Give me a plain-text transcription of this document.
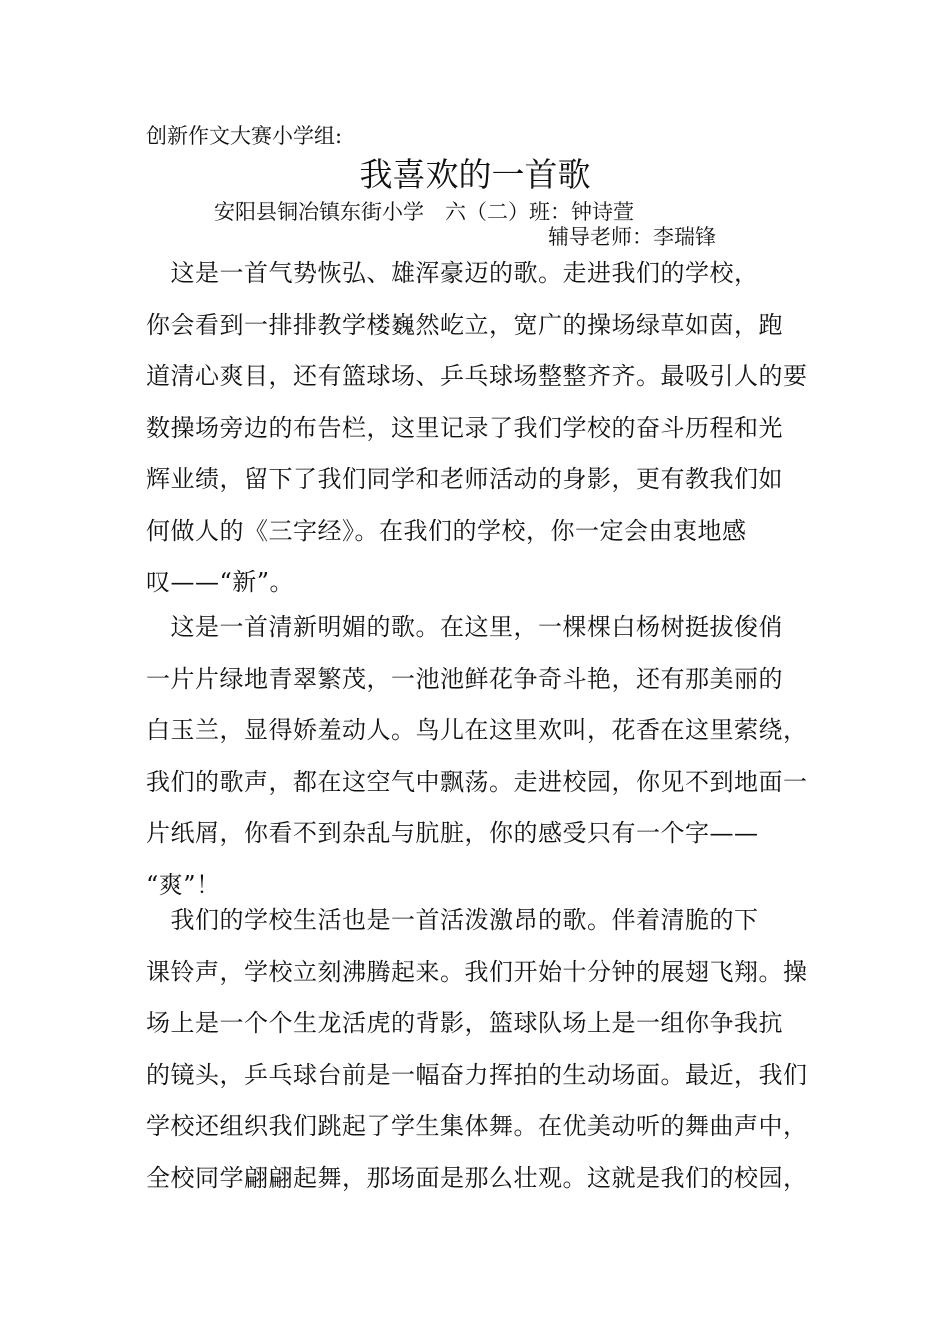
创新作文大赛小学组:
我喜欢的一首歌
安阳县铜冶镇东街小学　六（二）班：钟诗萱
辅导老师：李瑞锋
　这是一首气势恢弘、雄浑豪迈的歌。走进我们的学校，
你会看到一排排教学楼巍然屹立，宽广的操场绿草如茵，跑
道清心爽目，还有篮球场、乒乓球场整整齐齐。最吸引人的要
数操场旁边的布告栏，这里记录了我们学校的奋斗历程和光
辉业绩，留下了我们同学和老师活动的身影，更有教我们如
何做人的《三字经》。在我们的学校，你一定会由衷地感
叹——“新”。
　这是一首清新明媚的歌。在这里，一棵棵白杨树挺拔俊俏
一片片绿地青翠繁茂，一池池鲜花争奇斗艳，还有那美丽的
白玉兰，显得娇羞动人。鸟儿在这里欢叫，花香在这里萦绕，
我们的歌声，都在这空气中飘荡。走进校园，你见不到地面一
片纸屑，你看不到杂乱与肮脏，你的感受只有一个字——
“爽”！
　我们的学校生活也是一首活泼激昂的歌。伴着清脆的下
课铃声，学校立刻沸腾起来。我们开始十分钟的展翅飞翔。操
场上是一个个生龙活虎的背影，篮球队场上是一组你争我抗
的镜头，乒乓球台前是一幅奋力挥拍的生动场面。最近，我们
学校还组织我们跳起了学生集体舞。在优美动听的舞曲声中，
全校同学翩翩起舞，那场面是那么壮观。这就是我们的校园，
